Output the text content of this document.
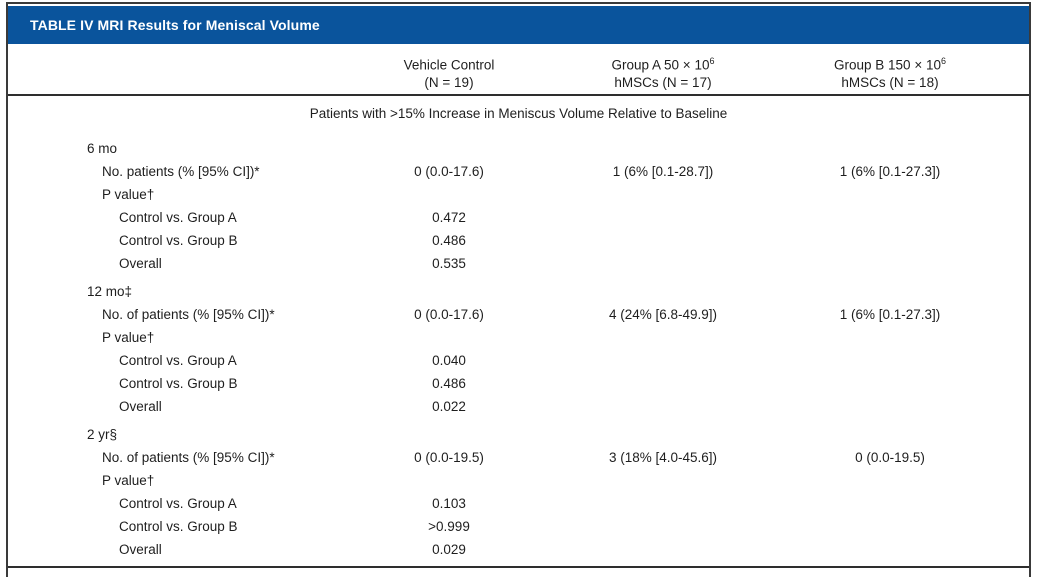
TABLE IV MRI Results for Meniscal Volume
Vehicle Control
(N = 19)
Group A $50 \times 10^6$
hMSCs (N = 17)
Group B $150 \times 10^6$
hMSCs (N = 18)
Patients with >15% Increase in Meniscus Volume Relative to Baseline
6 mo
No. patients (% [95% CI])*	0 (0.0-17.6)	1 (6% [0.1-28.7])	1 (6% [0.1-27.3])
P value†
Control vs. Group A	0.472
Control vs. Group B	0.486
Overall	0.535
12 mo‡
No. of patients (% [95% CI])*	0 (0.0-17.6)	4 (24% [6.8-49.9])	1 (6% [0.1-27.3])
P value†
Control vs. Group A	0.040
Control vs. Group B	0.486
Overall	0.022
2 yr§
No. of patients (% [95% CI])*	0 (0.0-19.5)	3 (18% [4.0-45.6])	0 (0.0-19.5)
P value†
Control vs. Group A	0.103
Control vs. Group B	>0.999
Overall	0.029
